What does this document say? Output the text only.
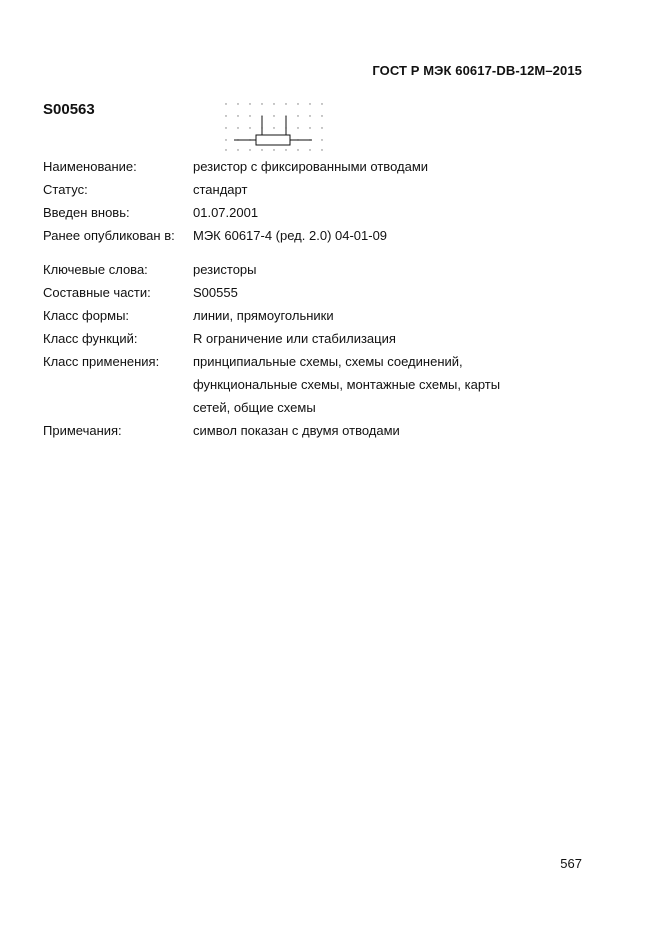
ГОСТ Р МЭК 60617-DB-12M–2015
S00563
Наименование:	резистор с фиксированными отводами
Статус:	стандарт
Введен вновь:	01.07.2001
Ранее опубликован в:	МЭК 60617-4 (ред. 2.0) 04-01-09
Ключевые слова:	резисторы
Составные части:	S00555
Класс формы:	линии, прямоугольники
Класс функций:	R ограничение или стабилизация
Класс применения:	принципиальные схемы, схемы соединений,
функциональные схемы, монтажные схемы, карты
сетей, общие схемы
Примечания:	символ показан с двумя отводами
567
